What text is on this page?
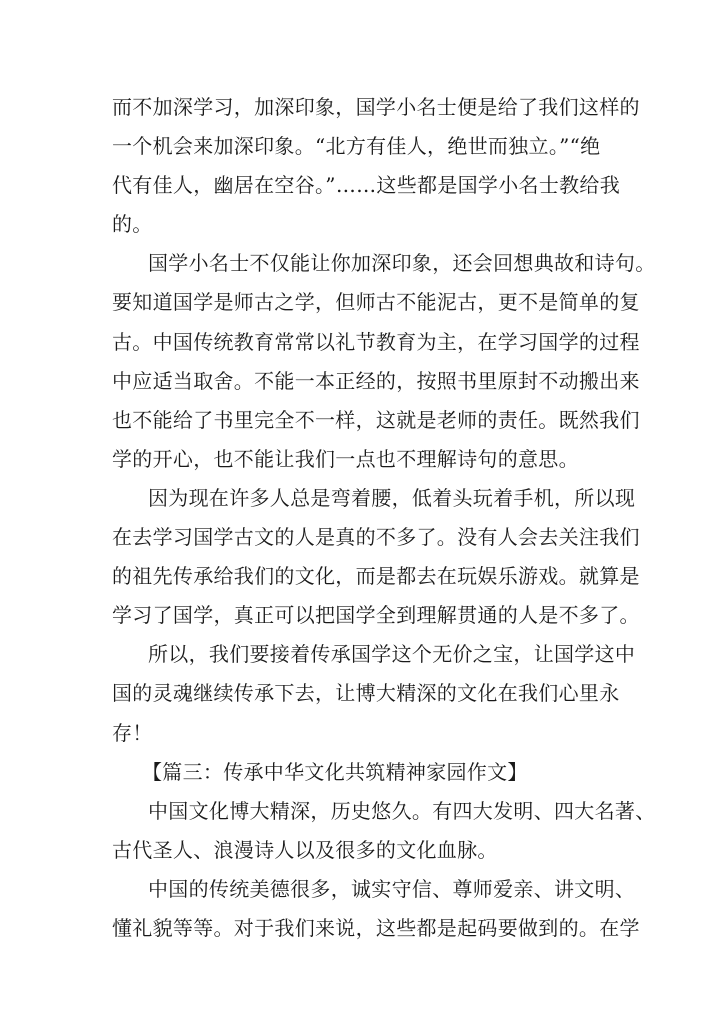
而不加深学习，加深印象，国学小名士便是给了我们这样的
一个机会来加深印象。“北方有佳人，绝世而独立。”“绝
代有佳人，幽居在空谷。”……这些都是国学小名士教给我
的。
国学小名士不仅能让你加深印象，还会回想典故和诗句。
要知道国学是师古之学，但师古不能泥古，更不是简单的复
古。中国传统教育常常以礼节教育为主，在学习国学的过程
中应适当取舍。不能一本正经的，按照书里原封不动搬出来
也不能给了书里完全不一样，这就是老师的责任。既然我们
学的开心，也不能让我们一点也不理解诗句的意思。
因为现在许多人总是弯着腰，低着头玩着手机，所以现
在去学习国学古文的人是真的不多了。没有人会去关注我们
的祖先传承给我们的文化，而是都去在玩娱乐游戏。就算是
学习了国学，真正可以把国学全到理解贯通的人是不多了。
所以，我们要接着传承国学这个无价之宝，让国学这中
国的灵魂继续传承下去，让博大精深的文化在我们心里永
存！
【篇三：传承中华文化共筑精神家园作文】
中国文化博大精深，历史悠久。有四大发明、四大名著、
古代圣人、浪漫诗人以及很多的文化血脉。
中国的传统美德很多，诚实守信、尊师爱亲、讲文明、
懂礼貌等等。对于我们来说，这些都是起码要做到的。在学
